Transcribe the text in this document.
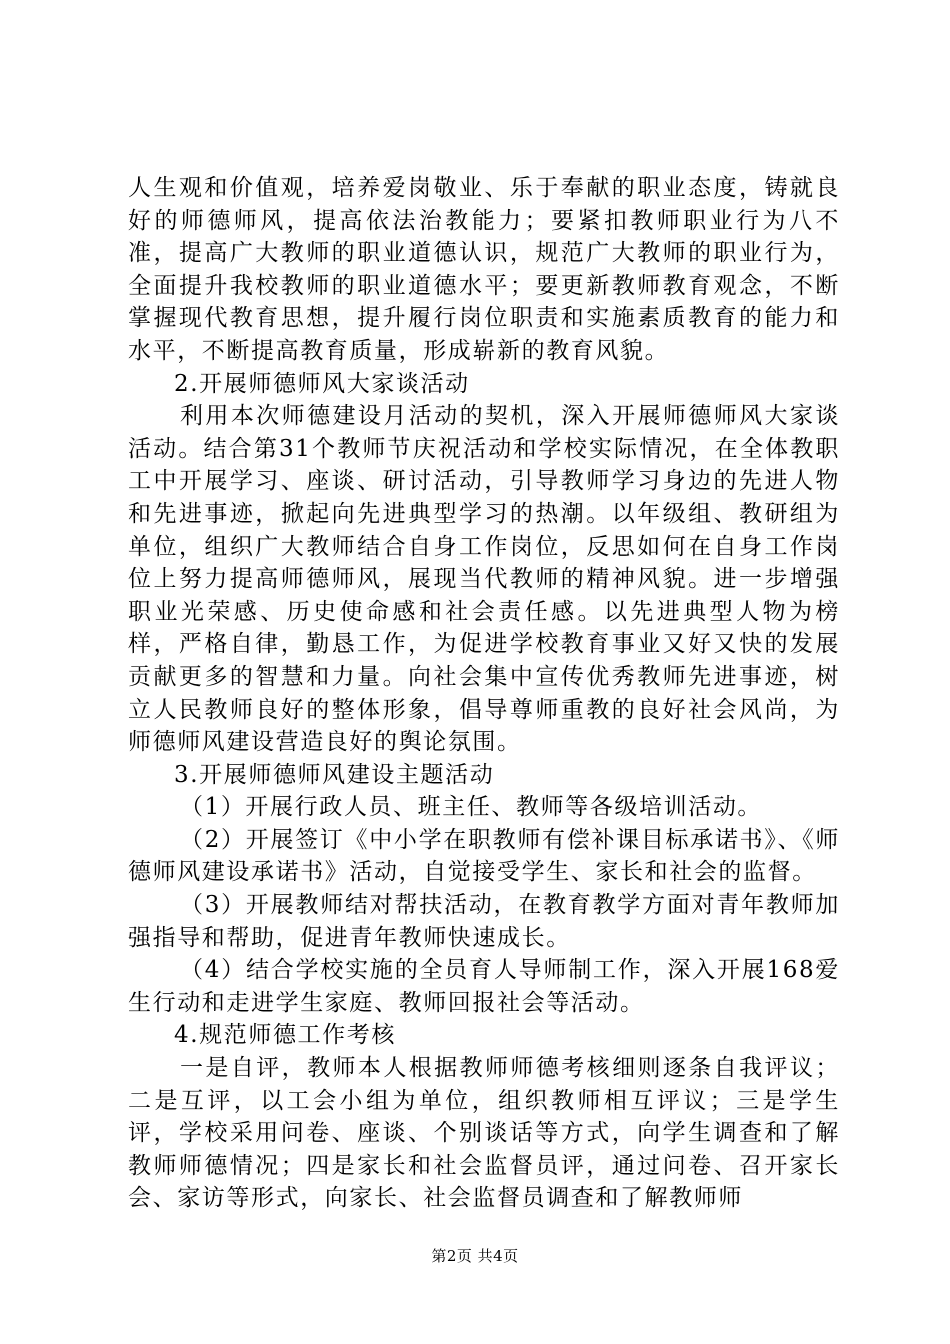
人生观和价值观，培养爱岗敬业、乐于奉献的职业态度，铸就良好的师德师风，提高依法治教能力；要紧扣教师职业行为八不准，提高广大教师的职业道德认识，规范广大教师的职业行为，全面提升我校教师的职业道德水平；要更新教师教育观念，不断掌握现代教育思想，提升履行岗位职责和实施素质教育的能力和水平，不断提高教育质量，形成崭新的教育风貌。

2.开展师德师风大家谈活动

利用本次师德建设月活动的契机，深入开展师德师风大家谈活动。结合第31个教师节庆祝活动和学校实际情况，在全体教职工中开展学习、座谈、研讨活动，引导教师学习身边的先进人物和先进事迹，掀起向先进典型学习的热潮。以年级组、教研组为单位，组织广大教师结合自身工作岗位，反思如何在自身工作岗位上努力提高师德师风，展现当代教师的精神风貌。进一步增强职业光荣感、历史使命感和社会责任感。以先进典型人物为榜样，严格自律，勤恳工作，为促进学校教育事业又好又快的发展贡献更多的智慧和力量。向社会集中宣传优秀教师先进事迹，树立人民教师良好的整体形象，倡导尊师重教的良好社会风尚，为师德师风建设营造良好的舆论氛围。

3.开展师德师风建设主题活动

（1）开展行政人员、班主任、教师等各级培训活动。

（2）开展签订《中小学在职教师有偿补课目标承诺书》、《师德师风建设承诺书》活动，自觉接受学生、家长和社会的监督。

（3）开展教师结对帮扶活动，在教育教学方面对青年教师加强指导和帮助，促进青年教师快速成长。

（4）结合学校实施的全员育人导师制工作，深入开展168爱生行动和走进学生家庭、教师回报社会等活动。

4.规范师德工作考核

一是自评，教师本人根据教师师德考核细则逐条自我评议；二是互评，以工会小组为单位，组织教师相互评议；三是学生评，学校采用问卷、座谈、个别谈话等方式，向学生调查和了解教师师德情况；四是家长和社会监督员评，通过问卷、召开家长会、家访等形式，向家长、社会监督员调查和了解教师师

第2页 共4页
